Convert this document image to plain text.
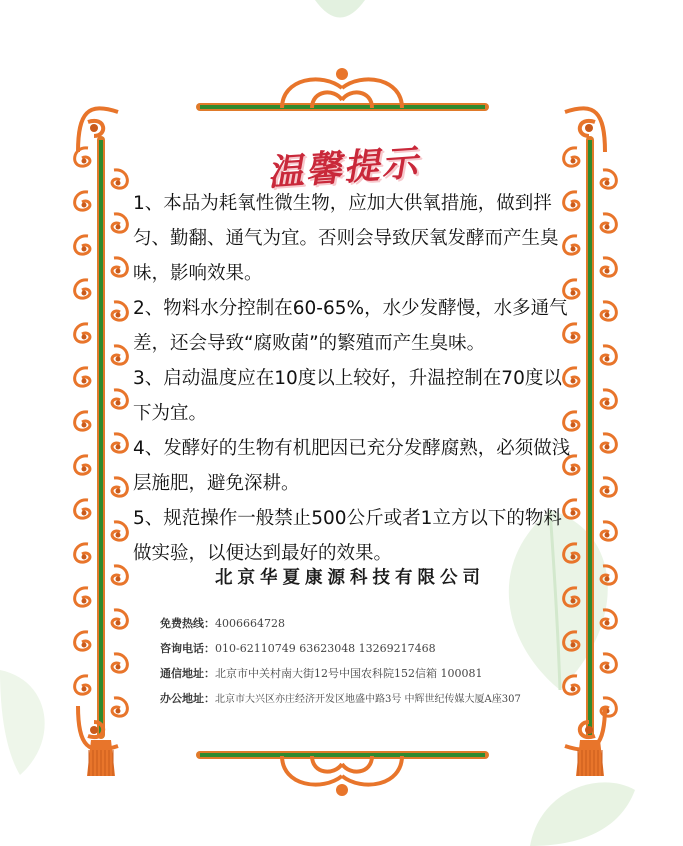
温馨提示

1、本品为耗氧性微生物，应加大供氧措施，做到拌匀、勤翻、通气为宜。否则会导致厌氧发酵而产生臭味，影响效果。

2、物料水分控制在60-65%，水少发酵慢，水多通气差，还会导致“腐败菌”的繁殖而产生臭味。

3、启动温度应在10度以上较好，升温控制在70度以下为宜。

4、发酵好的生物有机肥因已充分发酵腐熟，必须做浅层施肥，避免深耕。

5、规范操作一般禁止500公斤或者1立方以下的物料做实验，以便达到最好的效果。

北京华夏康源科技有限公司
免费热线：4006664728
咨询电话：010-62110749 63623048 13269217468
通信地址：北京市中关村南大街12号中国农科院152信箱 100081
办公地址：北京市大兴区亦庄经济开发区地盛中路3号 中辉世纪传媒大厦A座307
